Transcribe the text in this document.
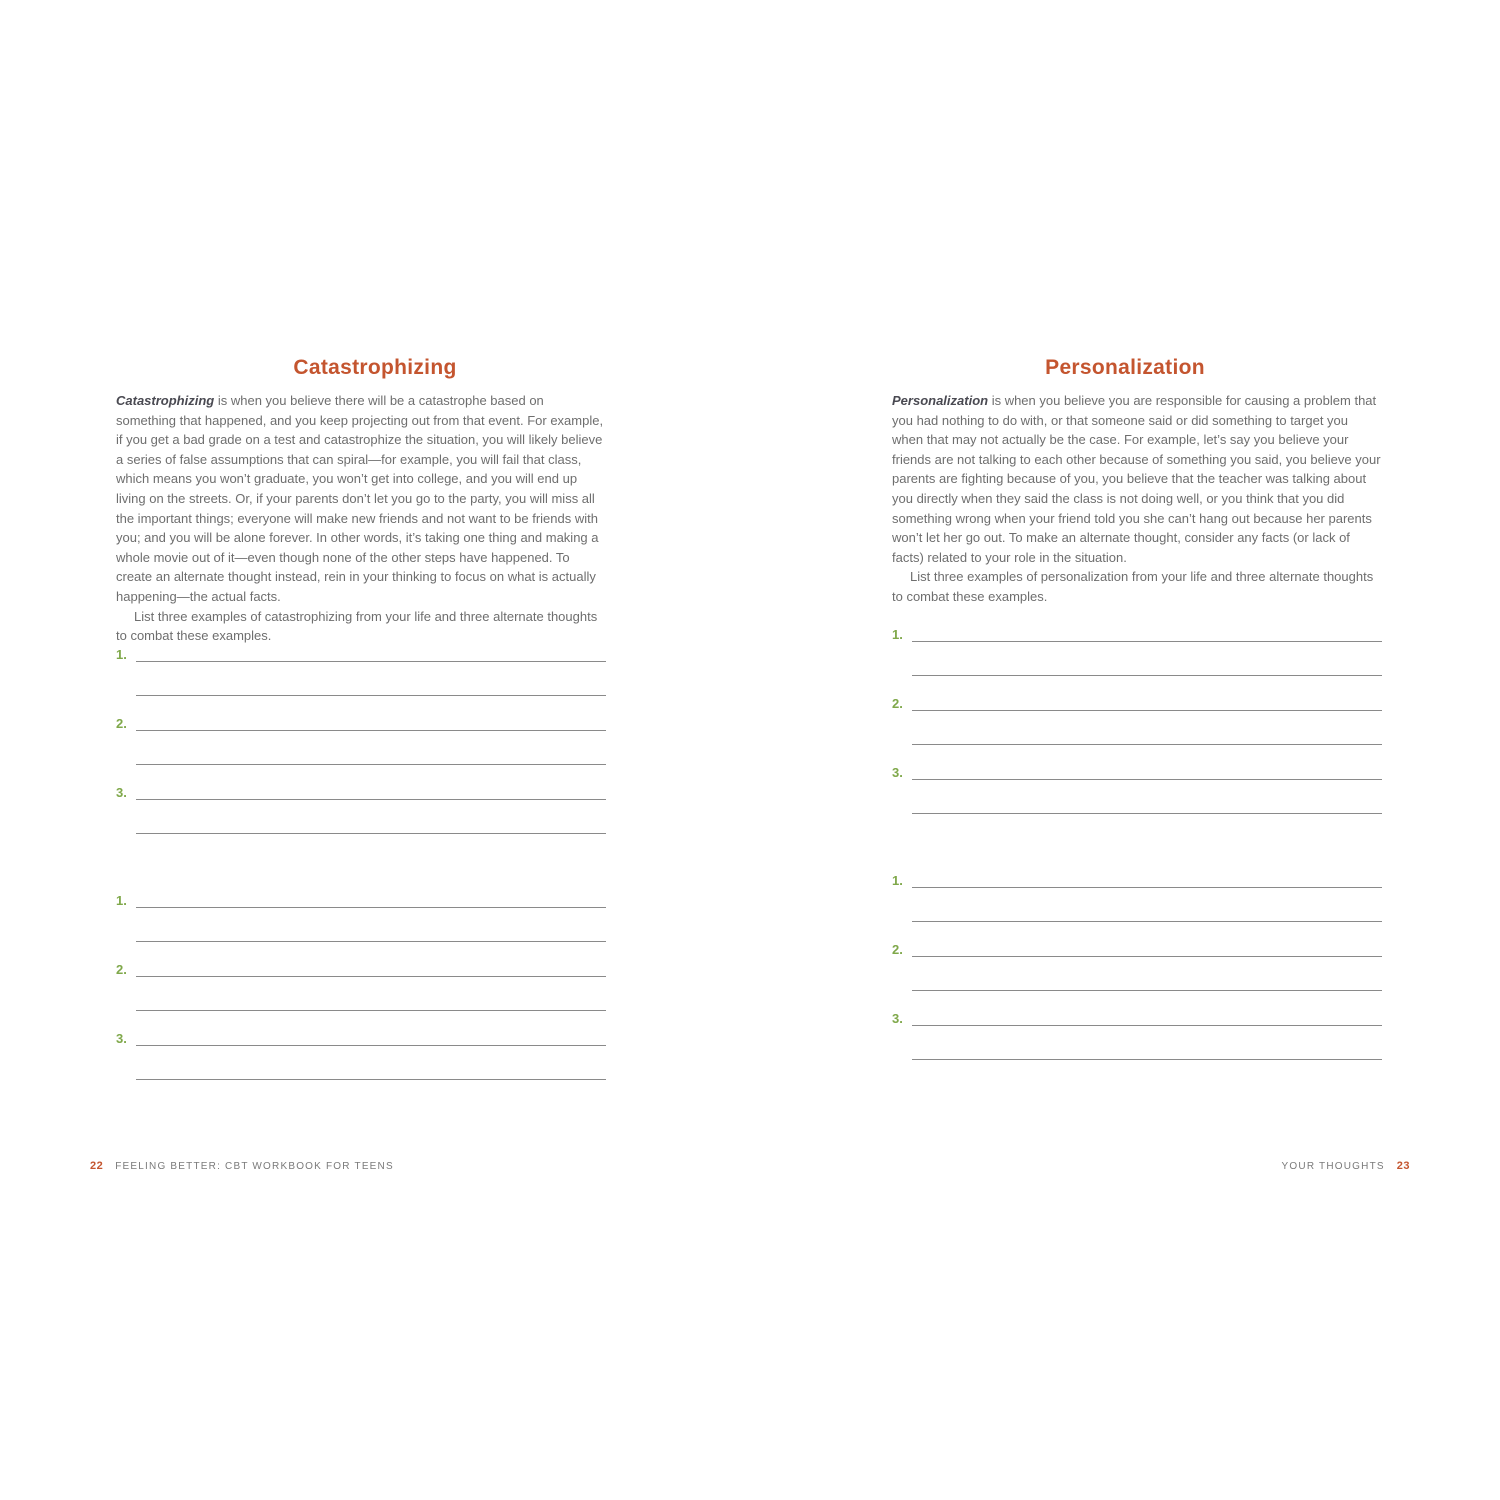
Catastrophizing

Catastrophizing is when you believe there will be a catastrophe based on something that happened, and you keep projecting out from that event. For example, if you get a bad grade on a test and catastrophize the situation, you will likely believe a series of false assumptions that can spiral—for example, you will fail that class, which means you won’t graduate, you won’t get into college, and you will end up living on the streets. Or, if your parents don’t let you go to the party, you will miss all the important things; everyone will make new friends and not want to be friends with you; and you will be alone forever. In other words, it’s taking one thing and making a whole movie out of it—even though none of the other steps have happened. To create an alternate thought instead, rein in your thinking to focus on what is actually happening—the actual facts.

List three examples of catastrophizing from your life and three alternate thoughts to combat these examples.

1.
2.
3.
1.
2.
3.
22 FEELING BETTER: CBT WORKBOOK FOR TEENS
Personalization

Personalization is when you believe you are responsible for causing a problem that you had nothing to do with, or that someone said or did something to target you when that may not actually be the case. For example, let’s say you believe your friends are not talking to each other because of something you said, you believe your parents are fighting because of you, you believe that the teacher was talking about you directly when they said the class is not doing well, or you think that you did something wrong when your friend told you she can’t hang out because her parents won’t let her go out. To make an alternate thought, consider any facts (or lack of facts) related to your role in the situation.

List three examples of personalization from your life and three alternate thoughts to combat these examples.

1.
2.
3.
1.
2.
3.
YOUR THOUGHTS 23
